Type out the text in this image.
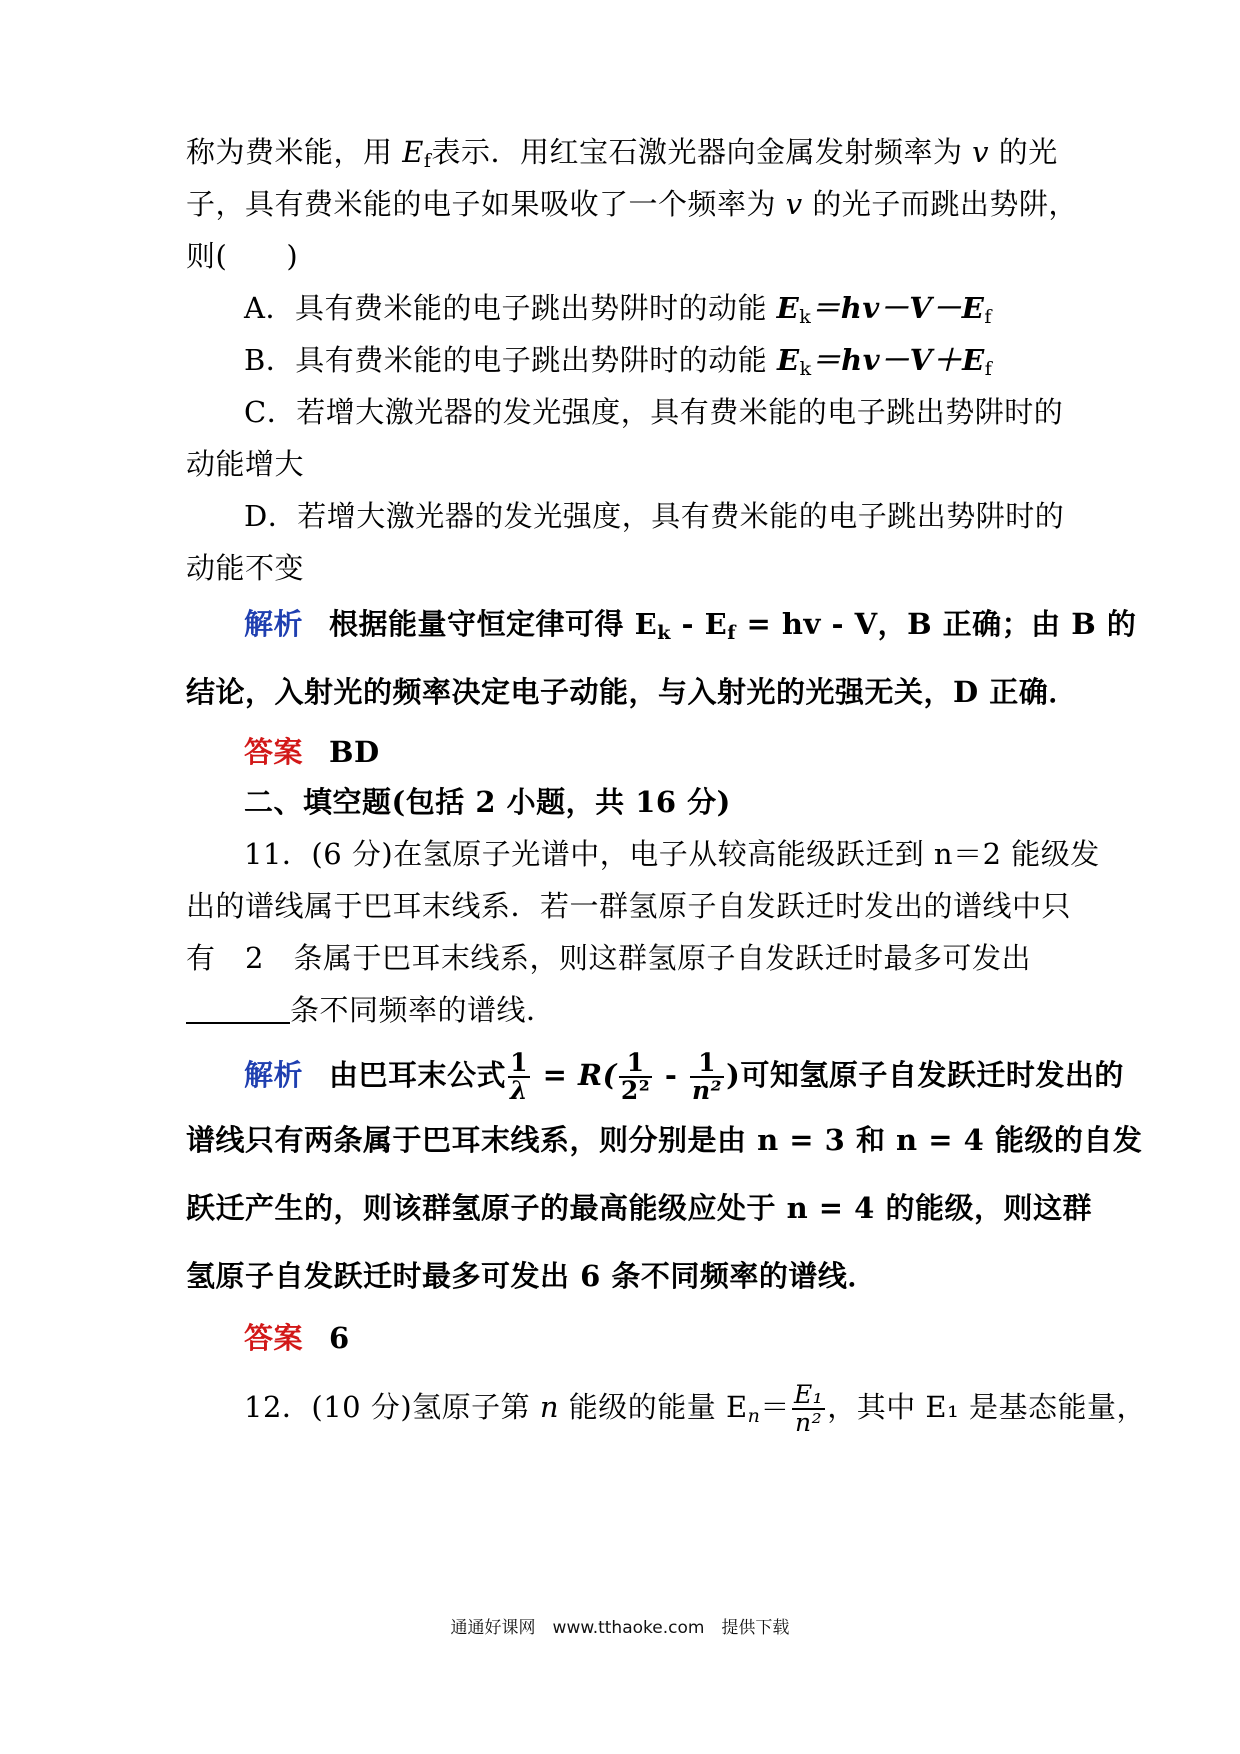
称为费米能，用 $E_f$表示．用红宝石激光器向金属发射频率为 v 的光
子，具有费米能的电子如果吸收了一个频率为 v 的光子而跳出势阱，
则(　　)
A．具有费米能的电子跳出势阱时的动能 $E_k=hv-V-E_f$
B．具有费米能的电子跳出势阱时的动能 $E_k=hv-V+E_f$
C．若增大激光器的发光强度，具有费米能的电子跳出势阱时的
动能增大
D．若增大激光器的发光强度，具有费米能的电子跳出势阱时的
动能不变
解析 根据能量守恒定律可得 $E_k - E_f$ = hv - V，B 正确；由 B 的
结论，入射光的频率决定电子动能，与入射光的光强无关，D 正确．
答案 BD
二、填空题(包括 2 小题，共 16 分)
11．(6 分)在氢原子光谱中，电子从较高能级跃迁到 n＝2 能级发
出的谱线属于巴耳末线系．若一群氢原子自发跃迁时发出的谱线中只
有　2　条属于巴耳末线系，则这群氢原子自发跃迁时最多可发出
条不同频率的谱线．
解析 由巴耳末公式 $\frac{1}{\lambda} = R( \frac{1}{\text{2²}} - \frac{1}{\text{n²}}$ )可知氢原子自发跃迁时发出的
谱线只有两条属于巴耳末线系，则分别是由 n = 3 和 n = 4 能级的自发
跃迁产生的，则该群氢原子的最高能级应处于 n = 4 的能级，则这群
氢原子自发跃迁时最多可发出 6 条不同频率的谱线．
答案 6
12．(10 分)氢原子第 n 能级的能量 $E_n= \frac{\text{E₁}}{\text{n²}}$ ，其中 E₁ 是基态能量，
通通好课网　www.tthaoke.com　提供下载
